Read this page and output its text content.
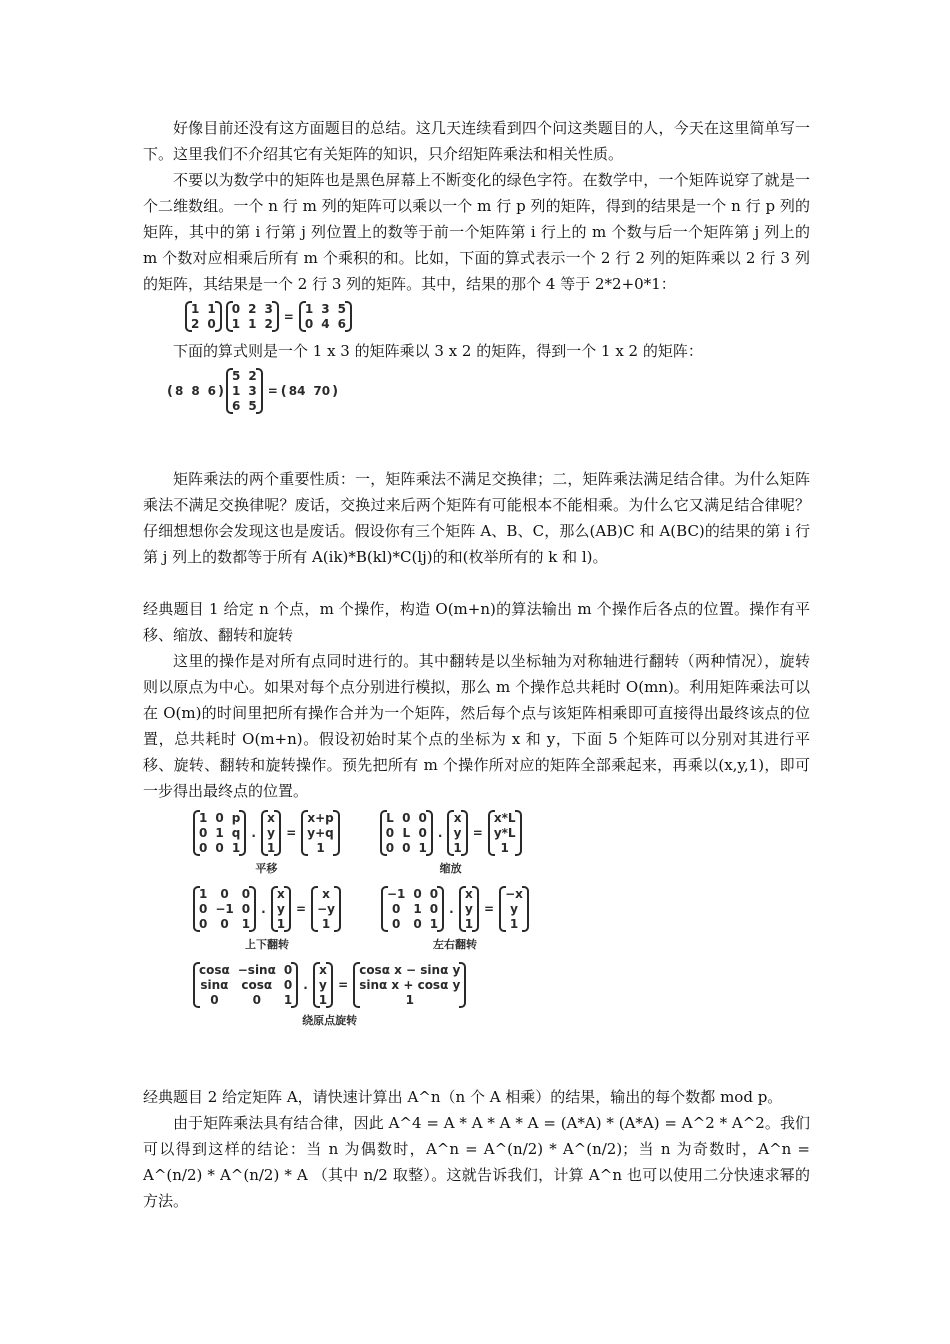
好像目前还没有这方面题目的总结。这几天连续看到四个问这类题目的人，今天在这里简单写一下。这里我们不介绍其它有关矩阵的知识，只介绍矩阵乘法和相关性质。

不要以为数学中的矩阵也是黑色屏幕上不断变化的绿色字符。在数学中，一个矩阵说穿了就是一个二维数组。一个 n 行 m 列的矩阵可以乘以一个 m 行 p 列的矩阵，得到的结果是一个 n 行 p 列的矩阵，其中的第 i 行第 j 列位置上的数等于前一个矩阵第 i 行上的 m 个数与后一个矩阵第 j 列上的 m 个数对应相乘后所有 m 个乘积的和。比如，下面的算式表示一个 2 行 2 列的矩阵乘以 2 行 3 列的矩阵，其结果是一个 2 行 3 列的矩阵。其中，结果的那个 4 等于 2*2+0*1：

1 1
2 0
0 2 3
1 1 2
=
1 3 5
0 4 6

下面的算式则是一个 1 x 3 的矩阵乘以 3 x 2 的矩阵，得到一个 1 x 2 的矩阵：

( 8 8 6 )
5 2
1 3
6 5
= ( 84 70 )

矩阵乘法的两个重要性质：一，矩阵乘法不满足交换律；二，矩阵乘法满足结合律。为什么矩阵乘法不满足交换律呢？废话，交换过来后两个矩阵有可能根本不能相乘。为什么它又满足结合律呢？仔细想想你会发现这也是废话。假设你有三个矩阵 A、B、C，那么(AB)C 和 A(BC)的结果的第 i 行第 j 列上的数都等于所有 A(ik)*B(kl)*C(lj)的和(枚举所有的 k 和 l)。

经典题目 1 给定 n 个点，m 个操作，构造 O(m+n)的算法输出 m 个操作后各点的位置。操作有平移、缩放、翻转和旋转

这里的操作是对所有点同时进行的。其中翻转是以坐标轴为对称轴进行翻转（两种情况），旋转则以原点为中心。如果对每个点分别进行模拟，那么 m 个操作总共耗时 O(mn)。利用矩阵乘法可以在 O(m)的时间里把所有操作合并为一个矩阵，然后每个点与该矩阵相乘即可直接得出最终该点的位置，总共耗时 O(m+n)。假设初始时某个点的坐标为 x 和 y，下面 5 个矩阵可以分别对其进行平移、旋转、翻转和旋转操作。预先把所有 m 个操作所对应的矩阵全部乘起来，再乘以(x,y,1)，即可一步得出最终点的位置。

1 0 p
0 1 q
0 0 1
.
x
y
1
=
x+p
y+q
1
平移
L 0 0
0 L 0
0 0 1
.
x
y
1
=
x*L
y*L
1
缩放
1	0	0
0 −1 0
0	0	1
.
x
y
1
=
x
−y
1
上下翻转
−1 0 0
0	1 0
0	0 1
.
x
y
1
=
−x
y
1
左右翻转
cosα −sinα 0
sinα	cosα 0
0	0	1
.
x
y
1
=
cosα x − sinα y
sinα x + cosα y
1
绕原点旋转

经典题目 2 给定矩阵 A，请快速计算出 A^n（n 个 A 相乘）的结果，输出的每个数都 mod p。

由于矩阵乘法具有结合律，因此 A^4 = A * A * A * A = (A*A) * (A*A) = A^2 * A^2。我们可以得到这样的结论：当 n 为偶数时，A^n = A^(n/2) * A^(n/2)；当 n 为奇数时，A^n = A^(n/2) * A^(n/2) * A （其中 n/2 取整）。这就告诉我们，计算 A^n 也可以使用二分快速求幂的方法。
